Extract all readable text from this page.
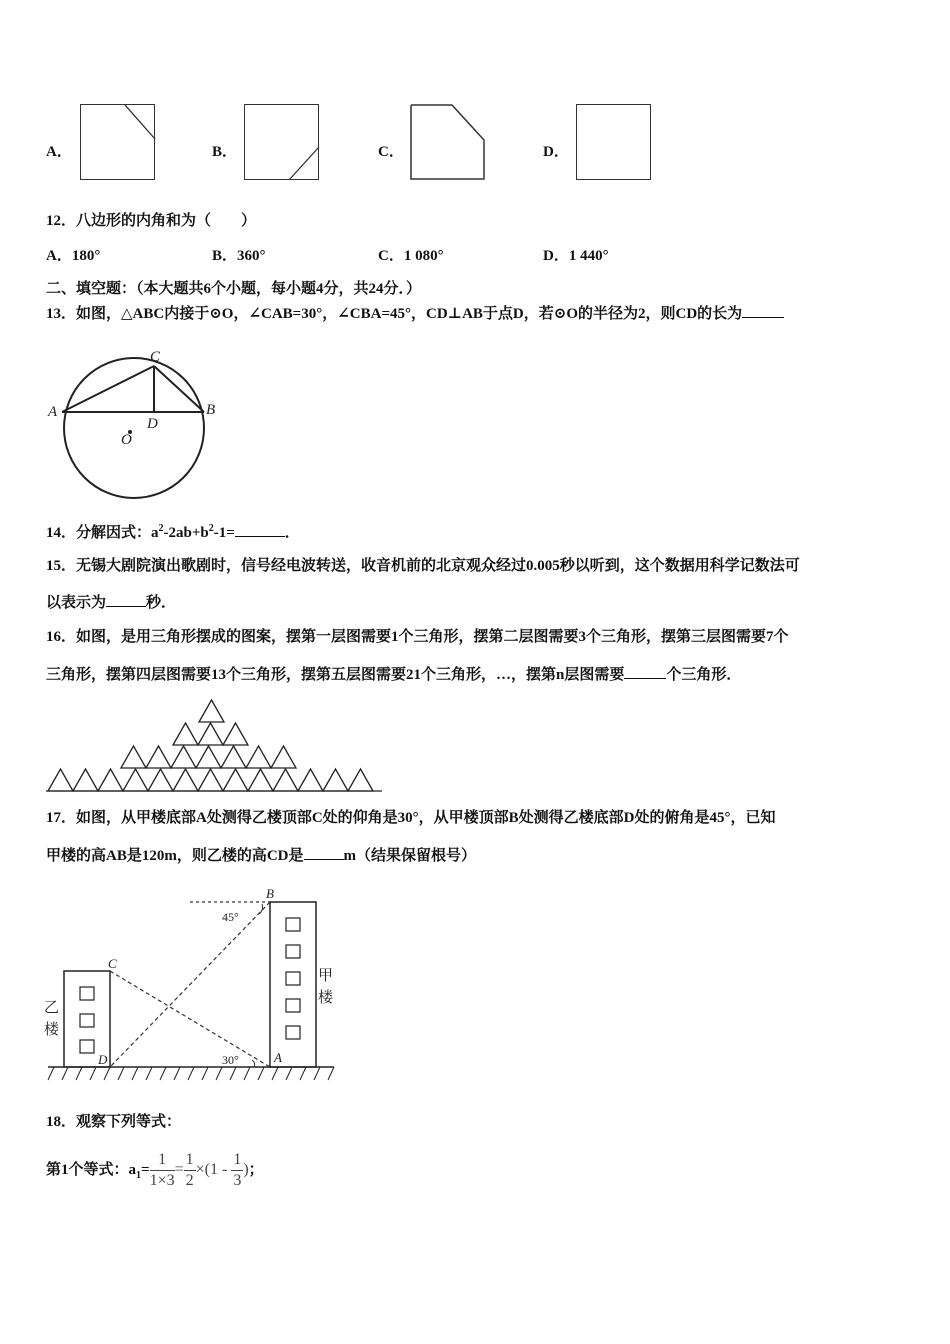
A．	B．	C．	D．
12．八边形的内角和为（　　）
A．180°	B．360°	C．1 080°	D．1 440°
二、填空题：（本大题共6个小题，每小题4分，共24分．）
13．如图，△ABC内接于⊙O，∠CAB=30°，∠CBA=45°，CD⊥AB于点D，若⊙O的半径为2，则CD的长为
A	B
C
D
O
14．分解因式：$a^2-2ab+b^2-1=$	．
15．无锡大剧院演出歌剧时，信号经电波转送，收音机前的北京观众经过0.005秒以听到，这个数据用科学记数法可
以表示为	秒．
16．如图，是用三角形摆成的图案，摆第一层图需要1个三角形，摆第二层图需要3个三角形，摆第三层图需要7个
三角形，摆第四层图需要13个三角形，摆第五层图需要21个三角形，…，摆第n层图需要	个三角形．
17．如图，从甲楼底部A处测得乙楼顶部C处的仰角是30°，从甲楼顶部B处测得乙楼底部D处的俯角是45°，已知
甲楼的高AB是120m，则乙楼的高CD是	m（结果保留根号）
B
C
D	A
45°
30°
甲
楼
乙
楼
18．观察下列等式：
第1个等式：$a_1= \frac{1}{1\times 3} = \frac{1}{2} \times(1 - \frac{1}{3}$ )；
